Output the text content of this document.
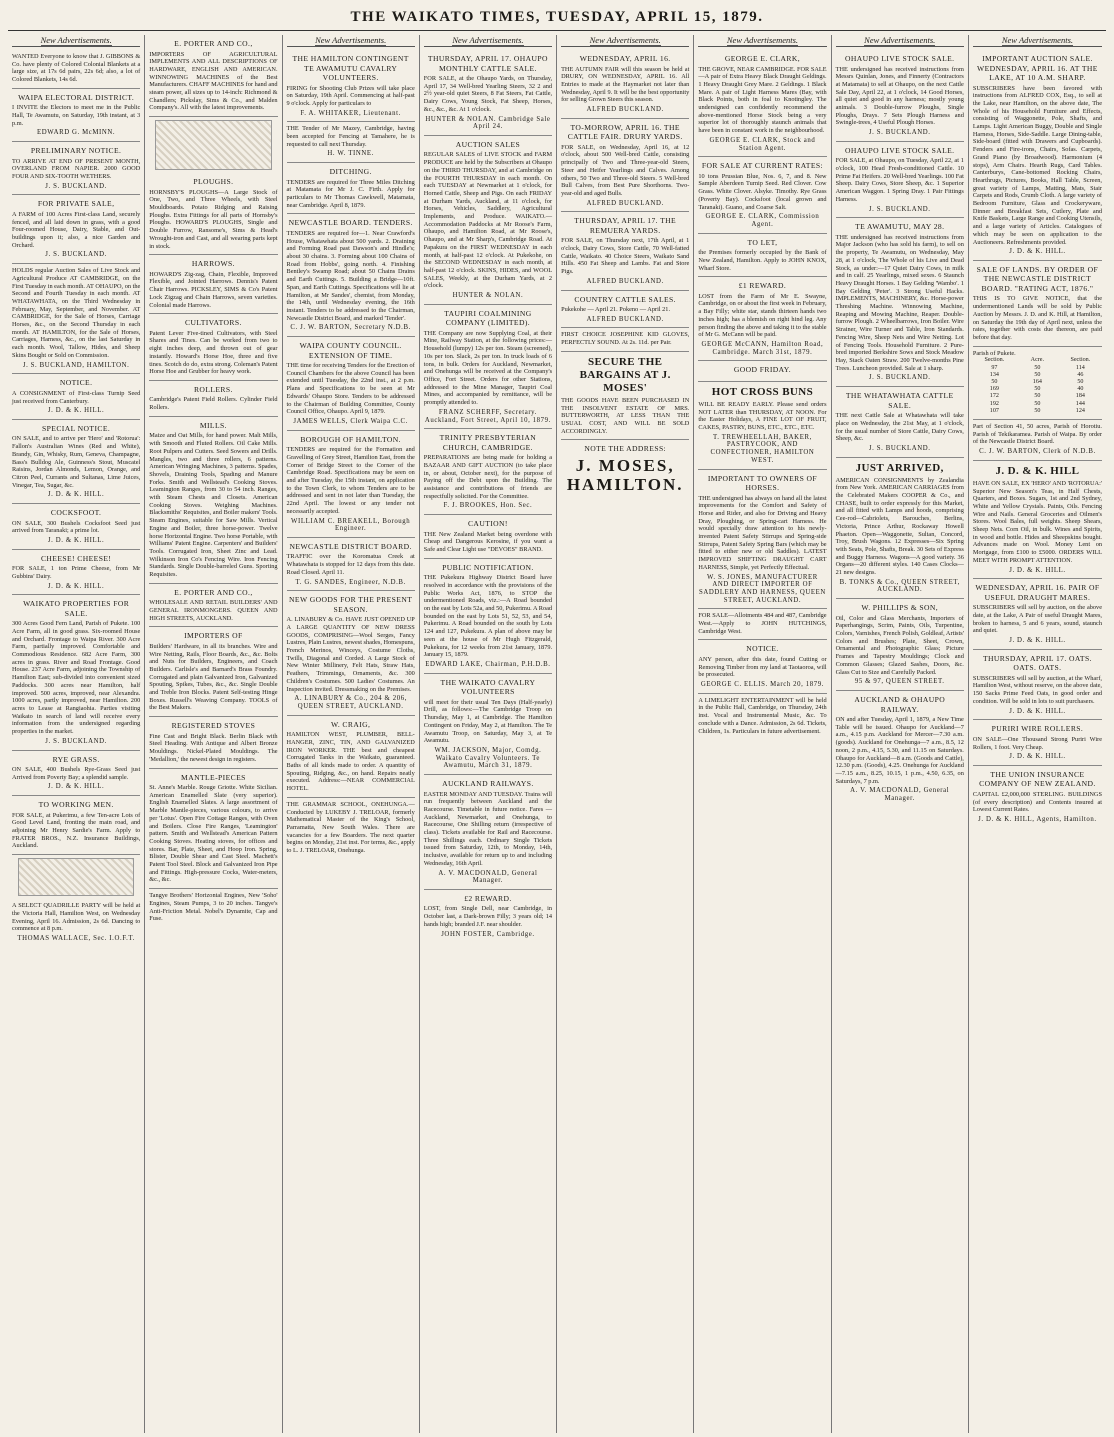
THE WAIKATO TIMES, TUESDAY, APRIL 15, 1879.
New Advertisements.
WANTED Everyone to know that J. GIBBONS & Co. have plenty of Colored Colonial Blankets at a large size, at 17s 6d pairs, 22s 6d; also, a lot of Colored Blankets, 14s 6d.
WAIPA ELECTORAL DISTRICT.
I INVITE the Electors to meet me in the Public Hall, Te Awamutu, on Saturday, 19th instant, at 3 p.m.
EDWARD G. McMINN.
PRELIMINARY NOTICE.
TO ARRIVE AT END OF PRESENT MONTH, OVERLAND FROM NAPIER. 2000 GOOD FOUR AND SIX-TOOTH WETHERS.
J. S. BUCKLAND.
FOR PRIVATE SALE,
A FARM of 100 Acres First-class Land, securely fenced, and all laid down in grass, with a good Four-roomed House, Dairy, Stable, and Out-buildings upon it; also, a nice Garden and Orchard.
J. S. BUCKLAND.
HOLDS regular Auction Sales of Live Stock and Agricultural Produce AT CAMBRIDGE, on the First Tuesday in each month. AT OHAUPO, on the Second and Fourth Tuesday in each month. AT WHATAWHATA, on the Third Wednesday in February, May, September, and November. AT CAMBRIDGE, for the Sale of Horses, Carriage Horses, &c., on the Second Thursday in each month. AT HAMILTON, for the Sale of Horses, Carriages, Harness, &c., on the last Saturday in each month. Wool, Tallow, Hides, and Sheep Skins Bought or Sold on Commission.
J. S. BUCKLAND, HAMILTON.
NOTICE.
A CONSIGNMENT of First-class Turnip Seed just received from Canterbury.
J. D. & K. HILL.
SPECIAL NOTICE.
ON SALE, and to arrive per 'Hero' and 'Rotorua': Fallon's Australian Wines (Red and White), Brandy, Gin, Whisky, Rum, Geneva, Champagne, Bass's Bulldog Ale, Guinness's Stout, Muscatel Raisins, Jordan Almonds, Lemon, Orange, and Citron Peel, Currants and Sultanas, Lime Juices, Vinegar, Tea, Sugar, &c.
J. D. & K. HILL.
COCKSFOOT.
ON SALE, 300 Bushels Cocksfoot Seed just arrived from Taranaki; a prime lot.
J. D. & K. HILL.
CHEESE! CHEESE!
FOR SALE, 1 ton Prime Cheese, from Mr Gubbins' Dairy.
J. D. & K. HILL.
WAIKATO PROPERTIES FOR SALE.
300 Acres Good Fern Land, Parish of Pukete. 100 Acre Farm, all in good grass. Six-roomed House and Orchard. Frontage to Waipa River. 300 Acre Farm, partially improved. Comfortable and Commodious Residence. 682 Acre Farm, 300 acres in grass. River and Road Frontage. Good House. 237 Acre Farm, adjoining the Township of Hamilton East; sub-divided into convenient sized Paddocks. 300 acres near Hamilton, half improved. 500 acres, improved, near Alexandra. 1000 acres, partly improved, near Hamilton. 200 acres to Lease at Rangiaohia. Parties visiting Waikato in search of land will receive every information from the undersigned regarding properties in the market.
J. S. BUCKLAND.
RYE GRASS.
ON SALE, 400 Bushels Rye-Grass Seed just Arrived from Poverty Bay; a splendid sample.
J. D. & K. HILL.
TO WORKING MEN.
FOR SALE, at Pukerimu, a few Ten-acre Lots of Good Level Land, fronting the main road, and adjoining Mr Henry Sardie's Farm. Apply to FRATER BROS., N.Z. Insurance Buildings, Auckland.
A SELECT QUADRILLE PARTY will be held at the Victoria Hall, Hamilton West, on Wednesday Evening, April 16. Admission, 2s 6d. Dancing to commence at 8 p.m.
THOMAS WALLACE, Sec. I.O.F.T.
E. PORTER AND CO.,
IMPORTERS OF AGRICULTURAL IMPLEMENTS AND ALL DESCRIPTIONS OF HARDWARE, ENGLISH AND AMERICAN. WINNOWING MACHINES of the Best Manufacturers. CHAFF MACHINES for hand and steam power, all sizes up to 14-inch: Richmond & Chandlers; Pickslay, Sims & Co., and Malden Company's. All with the latest improvements.
PLOUGHS.
HORNSBY'S PLOUGHS—A Large Stock of One, Two, and Three Wheels, with Steel Mouldboards. Potato Ridging and Raising Ploughs. Extra Fittings for all parts of Hornsby's Ploughs. HOWARD'S PLOUGHS, Single and Double Furrow, Ransome's, Sims & Head's Wrought-iron and Cast, and all wearing parts kept in stock.
HARROWS.
HOWARD'S Zig-zag, Chain, Flexible, Improved Flexible, and Jointed Harrows. Dennis's Patent Chair Harrows. PICKSLEY, SIMS & Co's Patent Lock Zigzag and Chain Harrows, seven varieties. Colonial made Harrows.
CULTIVATORS.
Patent Lever Five-tined Cultivators, with Steel Shares and Tines. Can be worked from two to eight inches deep, and thrown out of gear instantly. Howard's Horse Hoe, three and five tines. Scotch do do, extra strong. Coleman's Patent Horse Hoe and Grubber for heavy work.
ROLLERS.
Cambridge's Patent Field Rollers. Cylinder Field Rollers.
MILLS.
Maize and Oat Mills, for hand power. Malt Mills, with Smooth and Fluted Rollers. Oil Cake Mills. Root Pulpers and Cutters. Seed Sowers and Drills. Mangles, two and three rollers, 6 patterns. American Wringing Machines, 3 patterns. Spades, Shovels, Draining Tools, Spading and Manure Forks. Smith and Wellstead's Cooking Stoves. Leamington Ranges, from 30 to 54 inch. Ranges, with Steam Chests and Closets. American Cooking Stoves. Weighing Machines. Blacksmiths' Requisites, and Boiler makers' Tools. Steam Engines, suitable for Saw Mills. Vertical Engine and Boiler, three horse-power. Twelve horse Horizontal Engine. Two horse Portable, with Williams' Patent Engine. Carpenters' and Builders' Tools. Corrugated Iron, Sheet Zinc and Lead. Wilkinson Iron Co's Fencing Wire. Iron Fencing Standards. Single Double-barreled Guns. Sporting Requisites.
E. PORTER AND CO.,
WHOLESALE AND RETAIL BUILDERS' AND GENERAL IRONMONGERS. QUEEN AND HIGH STREETS, AUCKLAND.
IMPORTERS OF
Builders' Hardware, in all its branches. Wire and Wire Netting, Rails, Floor Boards, &c., &c. Bolts and Nuts for Builders, Engineers, and Coach Builders. Carlisle's and Barnard's Brass Foundry. Corrugated and plain Galvanized Iron, Galvanized Spouting, Spikes, Tubes, &c., &c. Single Double and Treble Iron Blocks. Patent Self-testing Hinge Boxes. Russell's Weaving Company. TOOLS of the Best Makers.
REGISTERED STOVES
Fine Cast and Bright Black. Berlin Black with Steel Heading. With Antique and Albert Bronze Mouldings. Nickel-Plated Mouldings. The 'Medallion,' the newest design in registers.
MANTLE-PIECES
St. Anne's Marble. Rouge Griotte. White Sicilian. American Enamelled Slate (very superior). English Enamelled Slates. A large assortment of Marble Mantle-pieces, various colours, to arrive per 'Lotus'. Open Fire Cottage Ranges, with Oven and Boilers. Close Fire Ranges, 'Leamington' pattern. Smith and Wellstead's American Pattern Cooking Stoves. Heating stoves, for offices and stores. Bar, Plate, Sheet, and Hoop Iron. Spring, Blister, Double Shear and Cast Steel. Machett's Patent Tool Steel. Block and Galvanized Iron Pipe and Fittings. High-pressure Cocks, Water-meters, &c., &c.
Tangye Brothers' Horizontal Engines, New 'Soho' Engines, Steam Pumps, 3 to 20 inches. Tangye's Anti-Friction Metal. Nobel's Dynamite, Cap and Fuse.
New Advertisements.
THE HAMILTON CONTINGENT TE AWAMUTU CAVALRY VOLUNTEERS.
FIRING for Shooting Club Prizes will take place on Saturday, 19th April. Commencing at half-past 9 o'clock. Apply for particulars to
F. A. WHITAKER, Lieutenant.
THE Tender of Mr Mazey, Cambridge, having been accepted for Fencing at Tamahere, he is requested to call next Thursday.
H. W. TINNE.
DITCHING.
TENDERS are required for Three Miles Ditching at Matamata for Mr J. C. Firth. Apply for particulars to Mr Thomas Cawkwell, Matamata, near Cambridge. April 8, 1879.
NEWCASTLE BOARD. TENDERS.
TENDERS are required for—1. Near Crawford's House, Whatawhata about 500 yards. 2. Draining and Forming Road past Dawson's and Hindle's; about 30 chains. 3. Forming about 100 Chains of Road from Hobbs', going north. 4. Finishing Bentley's Swamp Road; about 50 Chains Drains and Earth Cuttings. 5. Building a Bridge—10ft. Span, and Earth Cuttings. Specifications will lie at Hamilton, at Mr Sandes', chemist, from Monday, the 14th, until Wednesday evening, the 16th instant. Tenders to be addressed to the Chairman, Newcastle District Board, and marked 'Tender'.
C. J. W. BARTON, Secretary N.D.B.
WAIPA COUNTY COUNCIL. EXTENSION OF TIME.
THE time for receiving Tenders for the Erection of Council Chambers for the above Council has been extended until Tuesday, the 22nd inst., at 2 p.m. Plans and Specifications to be seen at Mr Edwards' Ohaupo Store. Tenders to be addressed to the Chairman of Building Committee, County Council Office, Ohaupo. April 9, 1879.
JAMES WELLS, Clerk Waipa C.C.
BOROUGH OF HAMILTON.
TENDERS are required for the Formation and Gravelling of Grey Street, Hamilton East, from the Corner of Bridge Street to the Corner of the Cambridge Road. Specifications may be seen on and after Tuesday, the 15th instant, on application to the Town Clerk, to whom Tenders are to be addressed and sent in not later than Tuesday, the 22nd April. The lowest or any tender not necessarily accepted.
WILLIAM C. BREAKELL, Borough Engineer.
NEWCASTLE DISTRICT BOARD.
TRAFFIC over the Koromatua Creek at Whatawhata is stopped for 12 days from this date. Road Closed. April 11.
T. G. SANDES, Engineer, N.D.B.
NEW GOODS FOR THE PRESENT SEASON.
A. LINABURY & Co. HAVE JUST OPENED UP A LARGE QUANTITY OF NEW DRESS GOODS, COMPRISING—Wool Serges, Fancy Lustres, Plain Lustres, newest shades, Homespuns, French Merinos, Winceys, Costume Cloths, Twills, Diagonal and Corded. A Large Stock of New Winter Millinery, Felt Hats, Straw Hats, Feathers, Trimmings, Ornaments, &c. 300 Children's Costumes. 500 Ladies' Costumes. An Inspection invited. Dressmaking on the Premises.
A. LINABURY & Co., 204 & 206, QUEEN STREET, AUCKLAND.
W. CRAIG,
HAMILTON WEST, PLUMBER, BELL-HANGER, ZINC, TIN, AND GALVANIZED IRON WORKER. THE best and cheapest Corrugated Tanks in the Waikato, guaranteed. Baths of all kinds made to order. A quantity of Spouting, Ridging, &c., on hand. Repairs neatly executed. Address:—NEAR COMMERCIAL HOTEL.
THE GRAMMAR SCHOOL, ONEHUNGA.—Conducted by LUKEBY J. TRELOAR, formerly Mathematical Master of the King's School, Parramatta, New South Wales. There are vacancies for a few Boarders. The next quarter begins on Monday, 21st inst. For terms, &c., apply to L. J. TRELOAR, Onehunga.
New Advertisements.
THURSDAY, APRIL 17. OHAUPO MONTHLY CATTLE SALE.
FOR SALE, at the Ohaupo Yards, on Thursday, April 17, 34 Well-bred Yearling Steers, 32 2 and 2½ year-old quiet Steers, 8 Fat Steers, Fat Cattle, Dairy Cows, Young Stock, Fat Sheep, Horses, &c., &c., &c. At 1 o'clock.
HUNTER & NOLAN. Cambridge Sale April 24.
AUCTION SALES
REGULAR SALES of LIVE STOCK and FARM PRODUCE are held by the Subscribers at Ohaupo on the THIRD THURSDAY, and at Cambridge on the FOURTH THURSDAY in each month. On each TUESDAY at Newmarket at 1 o'clock, for Horned Cattle, Sheep and Pigs. On each FRIDAY at Durham Yards, Auckland, at 11 o'clock, for Horses, Vehicles, Saddlery, Agricultural Implements, and Produce. WAIKATO.—Accommodation Paddocks at Mr Roose's Farm, Ohaupo, and Hamilton Road, at Mr Roose's, Ohaupo, and at Mr Sharp's, Cambridge Road. At Papakura on the FIRST WEDNESDAY in each month, at half-past 12 o'clock. At Pukekohe, on the SECOND WEDNESDAY in each month, at half-past 12 o'clock. SKINS, HIDES, and WOOL SALES, Weekly, at the Durham Yards, at 2 o'clock.
HUNTER & NOLAN.
TAUPIRI COALMINING COMPANY (LIMITED).
THE Company are now Supplying Coal, at their Mine, Railway Station, at the following prices:—Household (lumpy) 12s per ton. Steam (screened), 10s per ton. Slack, 2s per ton. In truck loads of 6 tons, in bulk. Orders for Auckland, Newmarket, and Onehunga will be received at the Company's Office, Fort Street. Orders for other Stations, addressed to the Mine Manager, Taupiri Coal Mines, and accompanied by remittance, will be promptly attended to.
FRANZ SCHERFF, Secretary. Auckland, Fort Street, April 10, 1879.
TRINITY PRESBYTERIAN CHURCH, CAMBRIDGE.
PREPARATIONS are being made for holding a BAZAAR AND GIFT AUCTION (to take place in, or about, October next), for the purpose of Paying off the Debt upon the Building. The assistance and contributions of friends are respectfully solicited. For the Committee.
F. J. BROOKES, Hon. Sec.
CAUTION!
THE New Zealand Market being overdone with Cheap and Dangerous Kerosine, if you want a Safe and Clear Light use "DEVOES" BRAND.
PUBLIC NOTIFICATION.
THE Pukekura Highway District Board have resolved in accordance with the provisions of the Public Works Act, 1876, to STOP the undermentioned Roads, viz.:—A Road bounded on the east by Lots 52a, and 50, Pukerimu. A Road bounded on the east by Lots 51, 52, 53, and 54, Pukerimu. A Road bounded on the south by Lots 124 and 127, Pukekura. A plan of above may be seen at the house of Mr Hugh Fitzgerald, Pukekura, for 12 weeks from 21st January, 1879. January 15, 1879.
EDWARD LAKE, Chairman, P.H.D.B.
THE WAIKATO CAVALRY VOLUNTEERS
will meet for their usual Ten Days (Half-yearly) Drill, as follows:—The Cambridge Troop on Thursday, May 1, at Cambridge. The Hamilton Contingent on Friday, May 2, at Hamilton. The Te Awamutu Troop, on Saturday, May 3, at Te Awamutu.
WM. JACKSON, Major, Comdg. Waikato Cavalry Volunteers. Te Awamutu, March 31, 1879.
AUCKLAND RAILWAYS.
EASTER MONDAY AND TUESDAY. Trains will run frequently between Auckland and the Racecourse. Timetable in future notice. Fares — Auckland, Newmarket, and Onehunga, to Racecourse, One Shilling return (irrespective of class). Tickets available for Rail and Racecourse. Three Shillings each. Ordinary Single Tickets issued from Saturday, 12th, to Monday, 14th, inclusive, available for return up to and including Wednesday, 16th April.
A. V. MACDONALD, General Manager.
£2 REWARD.
LOST, from Single Dell, near Cambridge, in October last, a Dark-brown Filly; 3 years old; 14 hands high; branded J.F. near shoulder.
JOHN FOSTER, Cambridge.
New Advertisements.
WEDNESDAY, APRIL 16.
THE AUTUMN FAIR will this season be held at DRURY, ON WEDNESDAY, APRIL 16. All Entries to made at the Haymarket not later than Wednesday, April 9. It will be the best opportunity for selling Grown Steers this season.
ALFRED BUCKLAND.
TO-MORROW, APRIL 16. THE CATTLE FAIR. DRURY YARDS.
FOR SALE, on Wednesday, April 16, at 12 o'clock, about 500 Well-bred Cattle, consisting principally of Two and Three-year-old Steers, Steer and Heifer Yearlings and Calves. Among others, 50 Two and Three-old Steers. 5 Well-bred Bull Calves, from Best Pure Shorthorns. Two-year-old and aged Bulls.
ALFRED BUCKLAND.
THURSDAY, APRIL 17. THE REMUERA YARDS.
FOR SALE, on Thursday next, 17th April, at 1 o'clock, Dairy Cows, Store Cattle, 70 Well-fatted Cattle, Waikato. 40 Choice Steers, Waikato Sand Hills. 450 Fat Sheep and Lambs. Fat and Store Pigs.
ALFRED BUCKLAND.
COUNTRY CATTLE SALES.
Pukekohe — April 21. Pokeno — April 21.
ALFRED BUCKLAND.
FIRST CHOICE JOSEPHINE KID GLOVES, PERFECTLY SOUND. At 2s. 11d. per Pair.
SECURE THE BARGAINS AT J. MOSES'
THE GOODS HAVE BEEN PURCHASED IN THE INSOLVENT ESTATE OF MRS. BUTTERWORTH, AT LESS THAN THE USUAL COST, AND WILL BE SOLD ACCORDINGLY.
NOTE THE ADDRESS:
J. MOSES, HAMILTON.
New Advertisements.
GEORGE E. CLARK,
THE GROVE, NEAR CAMBRIDGE. FOR SALE—A pair of Extra Heavy Black Draught Geldings. 1 Heavy Draught Grey Mare. 2 Geldings. 1 Black Mare. A pair of Light Harness Mares (Bay, with Black Points, both in foal to Knotingley. The undersigned can confidently recommend the above-mentioned Horse Stock being a very superior lot of thoroughly staunch animals that have been in constant work in the neighbourhood.
GEORGE E. CLARK, Stock and Station Agent.
FOR SALE AT CURRENT RATES:
10 tons Prussian Blue, Nos. 6, 7, and 8. New Sample Aberdeen Turnip Seed. Red Clover. Cow Grass. White Clover. Alsyke. Timothy. Rye Grass (Poverty Bay). Cocksfoot (local grown and Taranaki). Guano, and Coarse Salt.
GEORGE E. CLARK, Commission Agent.
TO LET,
the Premises formerly occupied by the Bank of New Zealand, Hamilton. Apply to JOHN KNOX, Wharf Store.
£1 REWARD.
LOST from the Farm of Mr E. Swayne, Cambridge, on or about the first week in February, a Bay Filly; white star, stands thirteen hands two inches high; has a blemish on right hind leg. Any person finding the above and taking it to the stable of Mr G. McCann will be paid.
GEORGE McCANN, Hamilton Road, Cambridge. March 31st, 1879.
GOOD FRIDAY.
HOT CROSS BUNS
WILL BE READY EARLY. Please send orders NOT LATER than THURSDAY, AT NOON. For the Easter Holidays, A FINE LOT OF FRUIT, CAKES, PASTRY, BUNS, ETC., ETC., ETC.
T. TREWHEELLAH, BAKER, PASTRYCOOK, AND CONFECTIONER, HAMILTON WEST.
IMPORTANT TO OWNERS OF HORSES.
THE undersigned has always on hand all the latest improvements for the Comfort and Safety of Horse and Rider, and also for Driving and Heavy Dray, Ploughing, or Spring-cart Harness. He would specially draw attention to his newly-invented Patent Safety Stirrups and Spring-side Stirrups, Patent Safety Spring Bars (which may be fitted to either new or old Saddles). LATEST IMPROVED SHIFTING DRAUGHT CART HARNESS, Simple, yet Perfectly Effectual.
W. S. JONES, MANUFACTURER AND DIRECT IMPORTER OF SADDLERY AND HARNESS, QUEEN STREET, AUCKLAND.
FOR SALE—Allotments 484 and 487, Cambridge West.—Apply to JOHN HUTCHINGS, Cambridge West.
NOTICE.
ANY person, after this date, found Cutting or Removing Timber from my land at Taotaoroa, will be prosecuted.
GEORGE C. ELLIS. March 20, 1879.
A LIMELIGHT ENTERTAINMENT will be held in the Public Hall, Cambridge, on Thursday, 24th inst. Vocal and Instrumental Music, &c. To conclude with a Dance. Admission, 2s 6d. Tickets, Children, 1s. Particulars in future advertisement.
New Advertisements.
OHAUPO LIVE STOCK SALE.
THE undersigned has received instructions from Messrs Quinlan, Jones, and Finnerty (Contractors at Matamata) to sell at Ohaupo, on the next Cattle Sale Day, April 22, at 1 o'clock, 14 Good Horses, all quiet and good in any harness; mostly young animals. 3 Double-furrow Ploughs, Single Ploughs, Drays. 7 Sets Plough Harness and Swingle-trees, 4 Useful Plough Horses.
J. S. BUCKLAND.
OHAUPO LIVE STOCK SALE.
FOR SALE, at Ohaupo, on Tuesday, April 22, at 1 o'clock, 100 Head Fresh-conditioned Cattle. 10 Prime Fat Heifers. 20 Well-bred Yearlings. 100 Fat Sheep. Dairy Cows, Store Sheep, &c. 1 Superior American Waggon. 1 Spring Dray. 1 Pair Fittings Harness.
J. S. BUCKLAND.
TE AWAMUTU, MAY 28.
THE undersigned has received instructions from Major Jackson (who has sold his farm), to sell on the property, Te Awamutu, on Wednesday, May 28, at 1 o'clock, The Whole of his Live and Dead Stock, as under:—17 Quiet Dairy Cows, in milk and in calf. 25 Yearlings, mixed sexes. 6 Staunch Heavy Draught Horses. 1 Bay Gelding 'Wambo'. 1 Bay Gelding 'Peter'. 3 Strong Useful Hacks. IMPLEMENTS, MACHINERY, &c. Horse-power Threshing Machine. Winnowing Machine, Reaping and Mowing Machine, Reaper. Double-furrow Plough. 2 Wheelbarrows, Iron Boiler. Wire Strainer, Wire Turner and Table, Iron Standards. Fencing Wire, Sheep Nets and Wire Netting. Lot of Fencing Tools. Household Furniture. 2 Pure-bred imported Berkshire Sows and Stock Meadow Hay, Stack Oaten Straw. 200 Twelve-months Pine Trees. Luncheon provided. Sale at 1 sharp.
J. S. BUCKLAND.
THE WHATAWHATA CATTLE SALE.
THE next Cattle Sale at Whatawhata will take place on Wednesday, the 21st May, at 1 o'clock, for the usual number of Store Cattle, Dairy Cows, Sheep, &c.
J. S. BUCKLAND.
JUST ARRIVED,
AMERICAN CONSIGNMENTS by Zealandia from New York. AMERICAN CARRIAGES from the Celebrated Makers COOPER & Co., and CHASE, built to order expressly for this Market, and all fitted with Lamps and hoods, comprising Cee-rod—Cabriolets, Barouches, Berlins, Victoria, Prince Arthur, Rockaway Howell Phaeton. Open—Waggonette, Sultan, Concord, Troy, Brush Wagons. 12 Expresses—Six Spring with Seats, Pole, Shafts, Break. 30 Sets of Express and Buggy Harness. Wagons—A good variety. 36 Organs—20 different styles. 140 Cases Clocks—21 new designs.
B. TONKS & Co., QUEEN STREET, AUCKLAND.
W. PHILLIPS & SON,
Oil, Color and Glass Merchants, Importers of Paperhangings, Scrim, Paints, Oils, Turpentine, Colors, Varnishes, French Polish, Goldleaf, Artists' Colors and Brushes; Plate, Sheet, Crown, Ornamental and Photographic Glass; Picture Frames and Tapestry Mouldings; Clock and Common Glasses; Glazed Sashes, Doors, &c. Glass Cut to Size and Carefully Packed.
95 & 97, QUEEN STREET.
AUCKLAND & OHAUPO RAILWAY.
ON and after Tuesday, April 1, 1879, a New Time Table will be issued. Ohaupo for Auckland—7 a.m., 4.15 p.m. Auckland for Mercer—7.30 a.m. (goods). Auckland for Onehunga—7 a.m., 8.5, 12 noon, 2 p.m., 4.15, 5.30, and 11.15 on Saturdays. Ohaupo for Auckland—8 a.m. (Goods and Cattle), 12.30 p.m. (Goods), 4.25. Onehunga for Auckland—7.15 a.m., 8.25, 10.15, 1 p.m., 4.50, 6.35, on Saturdays, 7 p.m.
A. V. MACDONALD, General Manager.
New Advertisements.
IMPORTANT AUCTION SALE. WEDNESDAY, APRIL 16. AT THE LAKE, AT 10 A.M. SHARP.
SUBSCRIBERS have been favored with instructions from ALFRED COX, Esq., to sell at the Lake, near Hamilton, on the above date, The Whole of his Household Furniture and Effects, consisting of Waggonette, Pole, Shafts, and Lamps. Light American Buggy, Double and Single Harness, Horses, Side-Saddle. Large Dining-table, Side-board (fitted with Drawers and Cupboards). Fenders and Fire-irons, Chairs, Sofas. Carpets, Grand Piano (by Broadwood). Harmonium (4 stops), Arm Chairs. Hearth Rugs, Card Tables. Canterburys, Cane-bottomed Rocking Chairs, Hearthrugs, Pictures, Books, Hall Table, Screen, great variety of Lamps, Matting, Mats, Stair Carpets and Rods, Crumb Cloth. A large variety of Bedroom Furniture, Glass and Crockeryware, Dinner and Breakfast Sets, Cutlery, Plate and Knife Baskets, Large Range and Cooking Utensils, and a large variety of Articles. Catalogues of which may be seen on application to the Auctioneers. Refreshments provided.
J. D. & K. HILL.
SALE OF LANDS. BY ORDER OF THE NEWCASTLE DISTRICT BOARD. "RATING ACT, 1876."
THIS IS TO GIVE NOTICE, that the undermentioned Lands will be sold by Public Auction by Messrs. J. D. and K. Hill, at Hamilton, on Saturday the 19th day of April next, unless the rates, together with costs due thereon, are paid before that day.
Parish of Pukete.
Section.	Acre.	Section.
97	50	114
134	50	46
50	164	50
169	50	40
172	50	184
192	50	144
107	50	124
Part of Section 41, 50 acres, Parish of Horotiu. Parish of Tekikaramea. Parish of Waipa. By order of the Newcastle District Board.
C. J. W. BARTON, Clerk of N.D.B.
J. D. & K. HILL
HAVE ON SALE, EX 'HERO' AND 'ROTORUA:' Superior New Season's Teas, in Half Chests, Quarters, and Boxes. Sugars, 1st and 2nd Sydney, White and Yellow Crystals. Paints, Oils. Fencing Wire and Nails. General Groceries and Oilmen's Stores. Wool Bales, full weights. Sheep Shears, Sheep Nets. Corn Oil, in bulk. Wines and Spirits, in wood and bottle. Hides and Sheepskins bought. Advances made on Wool. Money Lent on Mortgage, from £100 to £5000. ORDERS WILL MEET WITH PROMPT ATTENTION.
J. D. & K. HILL.
WEDNESDAY, APRIL 16. PAIR OF USEFUL DRAUGHT MARES.
SUBSCRIBERS will sell by auction, on the above date, at the Lake, A Pair of useful Draught Mares, broken to harness, 5 and 6 years, sound, staunch and quiet.
J. D. & K. HILL.
THURSDAY, APRIL 17. OATS. OATS. OATS.
SUBSCRIBERS will sell by auction, at the Wharf, Hamilton West, without reserve, on the above date, 150 Sacks Prime Feed Oats, in good order and condition. Will be sold in lots to suit purchasers.
J. D. & K. HILL.
PURIRI WIRE ROLLERS.
ON SALE—One Thousand Strong Puriri Wire Rollers, 1 foot. Very Cheap.
J. D. & K. HILL.
THE UNION INSURANCE COMPANY OF NEW ZEALAND.
CAPITAL £2,000,000 STERLING. BUILDINGS (of every description) and Contents insured at Lowest Current Rates.
J. D. & K. HILL, Agents, Hamilton.
